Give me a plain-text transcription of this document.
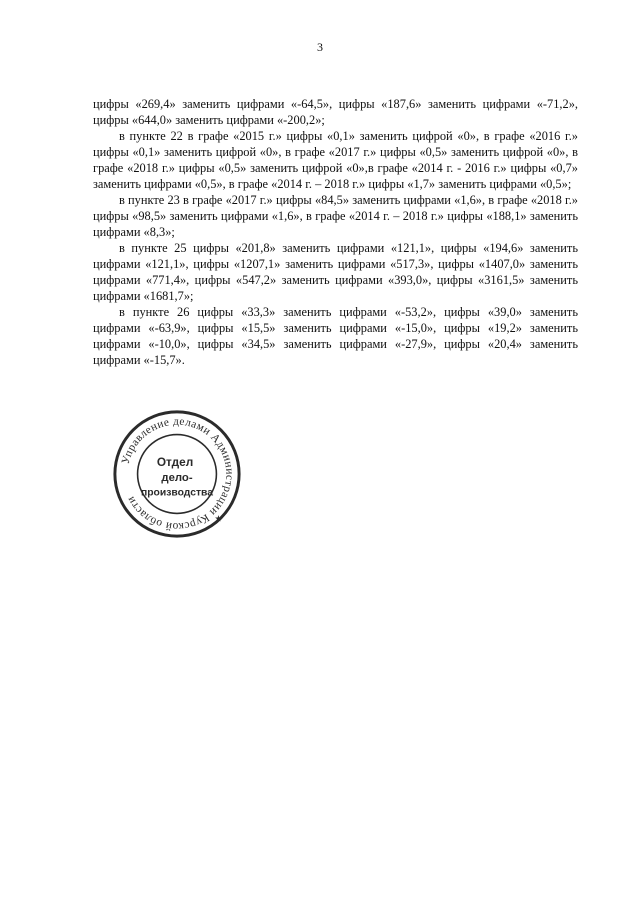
3

цифры «269,4» заменить цифрами «-64,5», цифры «187,6» заменить цифрами «-71,2», цифры «644,0» заменить цифрами «-200,2»;

в пункте 22 в графе «2015 г.» цифры «0,1» заменить цифрой «0», в графе «2016 г.» цифры «0,1» заменить цифрой «0», в графе «2017 г.» цифры «0,5» заменить цифрой «0», в графе «2018 г.» цифры «0,5» заменить цифрой «0»,в графе «2014 г. - 2016 г.» цифры «0,7» заменить цифрами «0,5», в графе «2014 г. – 2018 г.» цифры «1,7» заменить цифрами «0,5»;

в пункте 23 в графе «2017 г.» цифры «84,5» заменить цифрами «1,6», в графе «2018 г.» цифры «98,5» заменить цифрами «1,6», в графе «2014 г. – 2018 г.» цифры «188,1» заменить цифрами «8,3»;

в пункте 25 цифры «201,8» заменить цифрами «121,1», цифры «194,6» заменить цифрами «121,1», цифры «1207,1» заменить цифрами «517,3», цифры «1407,0» заменить цифрами «771,4», цифры «547,2» заменить цифрами «393,0», цифры «3161,5» заменить цифрами «1681,7»;

в пункте 26 цифры «33,3» заменить цифрами «-53,2», цифры «39,0» заменить цифрами «-63,9», цифры «15,5» заменить цифрами «-15,0», цифры «19,2» заменить цифрами «-10,0», цифры «34,5» заменить цифрами «-27,9», цифры «20,4» заменить цифрами «-15,7».

Управление делами Администрации Курской области
★
Отдел
дело-
производства
